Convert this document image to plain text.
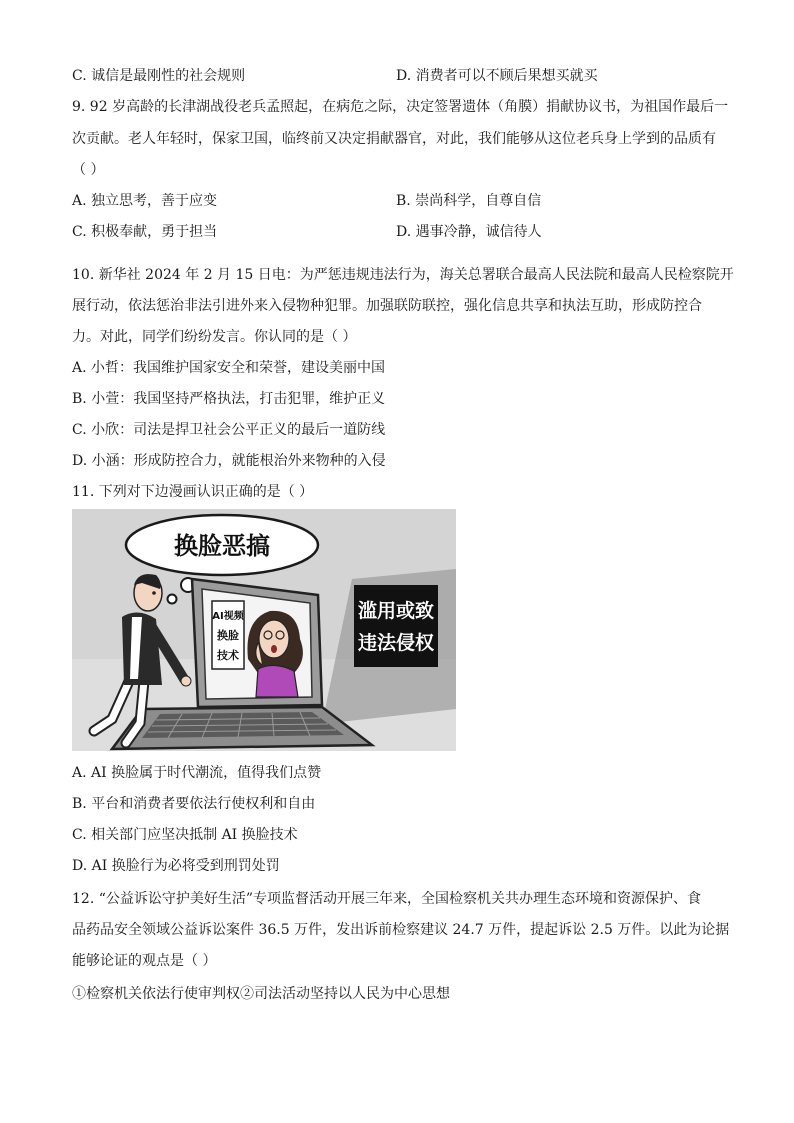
C. 诚信是最刚性的社会规则	D. 消费者可以不顾后果想买就买
9. 92 岁高龄的长津湖战役老兵孟照起，在病危之际，决定签署遗体（角膜）捐献协议书，为祖国作最后一
次贡献。老人年轻时，保家卫国，临终前又决定捐献器官，对此，我们能够从这位老兵身上学到的品质有
（ ）
A. 独立思考，善于应变	B. 崇尚科学，自尊自信
C. 积极奉献，勇于担当	D. 遇事冷静，诚信待人
10. 新华社 2024 年 2 月 15 日电：为严惩违规违法行为，海关总署联合最高人民法院和最高人民检察院开
展行动，依法惩治非法引进外来入侵物种犯罪。加强联防联控，强化信息共享和执法互助，形成防控合
力。对此，同学们纷纷发言。你认同的是（ ）
A. 小哲：我国维护国家安全和荣誉，建设美丽中国
B. 小萱：我国坚持严格执法，打击犯罪，维护正义
C. 小欣：司法是捍卫社会公平正义的最后一道防线
D. 小涵：形成防控合力，就能根治外来物种的入侵
11. 下列对下边漫画认识正确的是（ ）
换脸恶搞
滥用或致
违法侵权
AI视频
换脸
技术
A. AI 换脸属于时代潮流，值得我们点赞
B. 平台和消费者要依法行使权利和自由
C. 相关部门应坚决抵制 AI 换脸技术
D. AI 换脸行为必将受到刑罚处罚
12. “公益诉讼守护美好生活”专项监督活动开展三年来，全国检察机关共办理生态环境和资源保护、食
品药品安全领域公益诉讼案件 36.5 万件，发出诉前检察建议 24.7 万件，提起诉讼 2.5 万件。以此为论据
能够论证的观点是（ ）
①检察机关依法行使审判权②司法活动坚持以人民为中心思想
